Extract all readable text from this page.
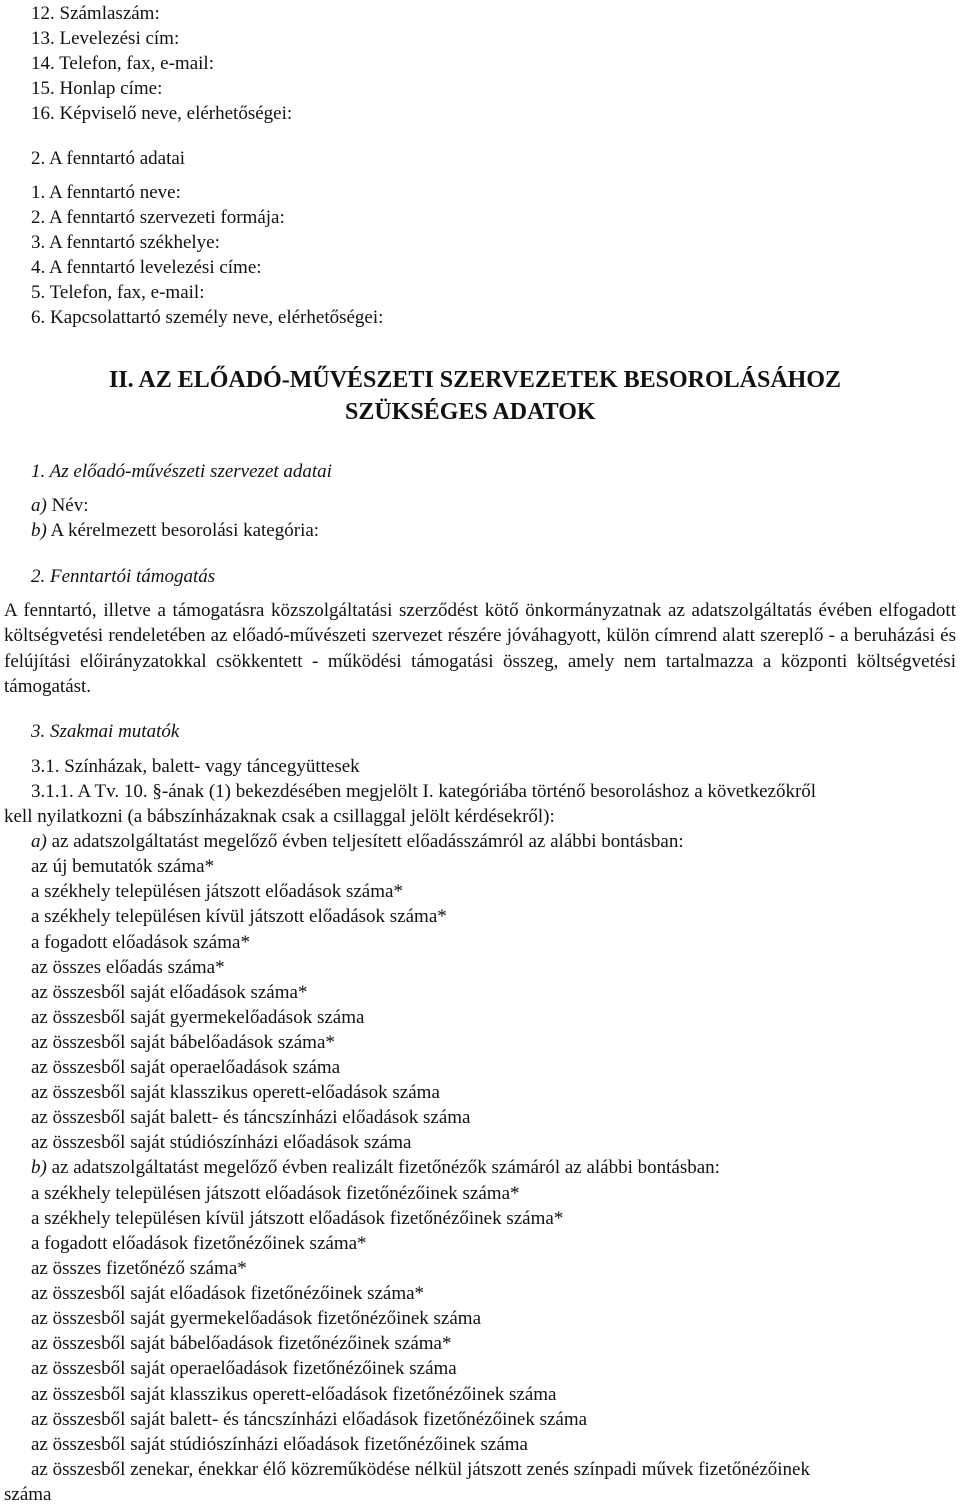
12. Számlaszám:
13. Levelezési cím:
14. Telefon, fax, e-mail:
15. Honlap címe:
16. Képviselő neve, elérhetőségei:
2. A fenntartó adatai
1. A fenntartó neve:
2. A fenntartó szervezeti formája:
3. A fenntartó székhelye:
4. A fenntartó levelezési címe:
5. Telefon, fax, e-mail:
6. Kapcsolattartó személy neve, elérhetőségei:
II. AZ ELŐADÓ-MŰVÉSZETI SZERVEZETEK BESOROLÁSÁHOZ
SZÜKSÉGES ADATOK
1. Az előadó-művészeti szervezet adatai
a) Név:
b) A kérelmezett besorolási kategória:
2. Fenntartói támogatás
A fenntartó, illetve a támogatásra közszolgáltatási szerződést kötő önkormányzatnak az adatszolgáltatás évében elfogadott költségvetési rendeletében az előadó-művészeti szervezet részére jóváhagyott, külön címrend alatt szereplő - a beruházási és felújítási előirányzatokkal csökkentett - működési támogatási összeg, amely nem tartalmazza a központi költségvetési támogatást.
3. Szakmai mutatók
3.1. Színházak, balett- vagy táncegyüttesek
3.1.1. A Tv. 10. §-ának (1) bekezdésében megjelölt I. kategóriába történő besoroláshoz a következőkről
kell nyilatkozni (a bábszínházaknak csak a csillaggal jelölt kérdésekről):
a) az adatszolgáltatást megelőző évben teljesített előadásszámról az alábbi bontásban:
az új bemutatók száma*
a székhely településen játszott előadások száma*
a székhely településen kívül játszott előadások száma*
a fogadott előadások száma*
az összes előadás száma*
az összesből saját előadások száma*
az összesből saját gyermekelőadások száma
az összesből saját bábelőadások száma*
az összesből saját operaelőadások száma
az összesből saját klasszikus operett-előadások száma
az összesből saját balett- és táncszínházi előadások száma
az összesből saját stúdiószínházi előadások száma
b) az adatszolgáltatást megelőző évben realizált fizetőnézők számáról az alábbi bontásban:
a székhely településen játszott előadások fizetőnézőinek száma*
a székhely településen kívül játszott előadások fizetőnézőinek száma*
a fogadott előadások fizetőnézőinek száma*
az összes fizetőnéző száma*
az összesből saját előadások fizetőnézőinek száma*
az összesből saját gyermekelőadások fizetőnézőinek száma
az összesből saját bábelőadások fizetőnézőinek száma*
az összesből saját operaelőadások fizetőnézőinek száma
az összesből saját klasszikus operett-előadások fizetőnézőinek száma
az összesből saját balett- és táncszínházi előadások fizetőnézőinek száma
az összesből saját stúdiószínházi előadások fizetőnézőinek száma
az összesből zenekar, énekkar élő közreműködése nélkül játszott zenés színpadi művek fizetőnézőinek
száma
